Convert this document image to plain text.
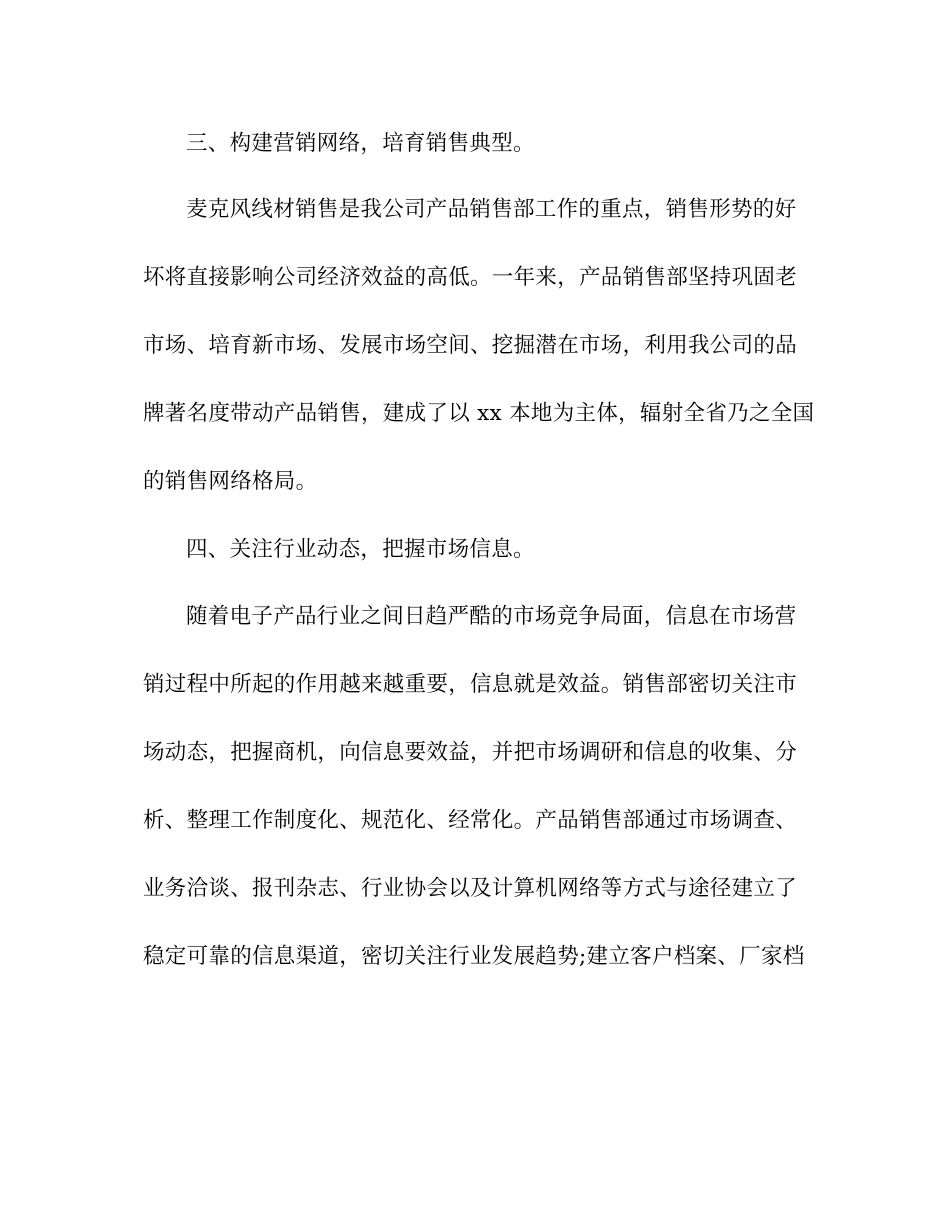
三、构建营销网络，培育销售典型。
麦克风线材销售是我公司产品销售部工作的重点，销售形势的好
坏将直接影响公司经济效益的高低。一年来，产品销售部坚持巩固老
市场、培育新市场、发展市场空间、挖掘潜在市场，利用我公司的品
牌著名度带动产品销售，建成了以 xx 本地为主体，辐射全省乃之全国
的销售网络格局。
四、关注行业动态，把握市场信息。
随着电子产品行业之间日趋严酷的市场竞争局面，信息在市场营
销过程中所起的作用越来越重要，信息就是效益。销售部密切关注市
场动态，把握商机，向信息要效益，并把市场调研和信息的收集、分
析、整理工作制度化、规范化、经常化。产品销售部通过市场调查、
业务洽谈、报刊杂志、行业协会以及计算机网络等方式与途径建立了
稳定可靠的信息渠道，密切关注行业发展趋势;建立客户档案、厂家档
